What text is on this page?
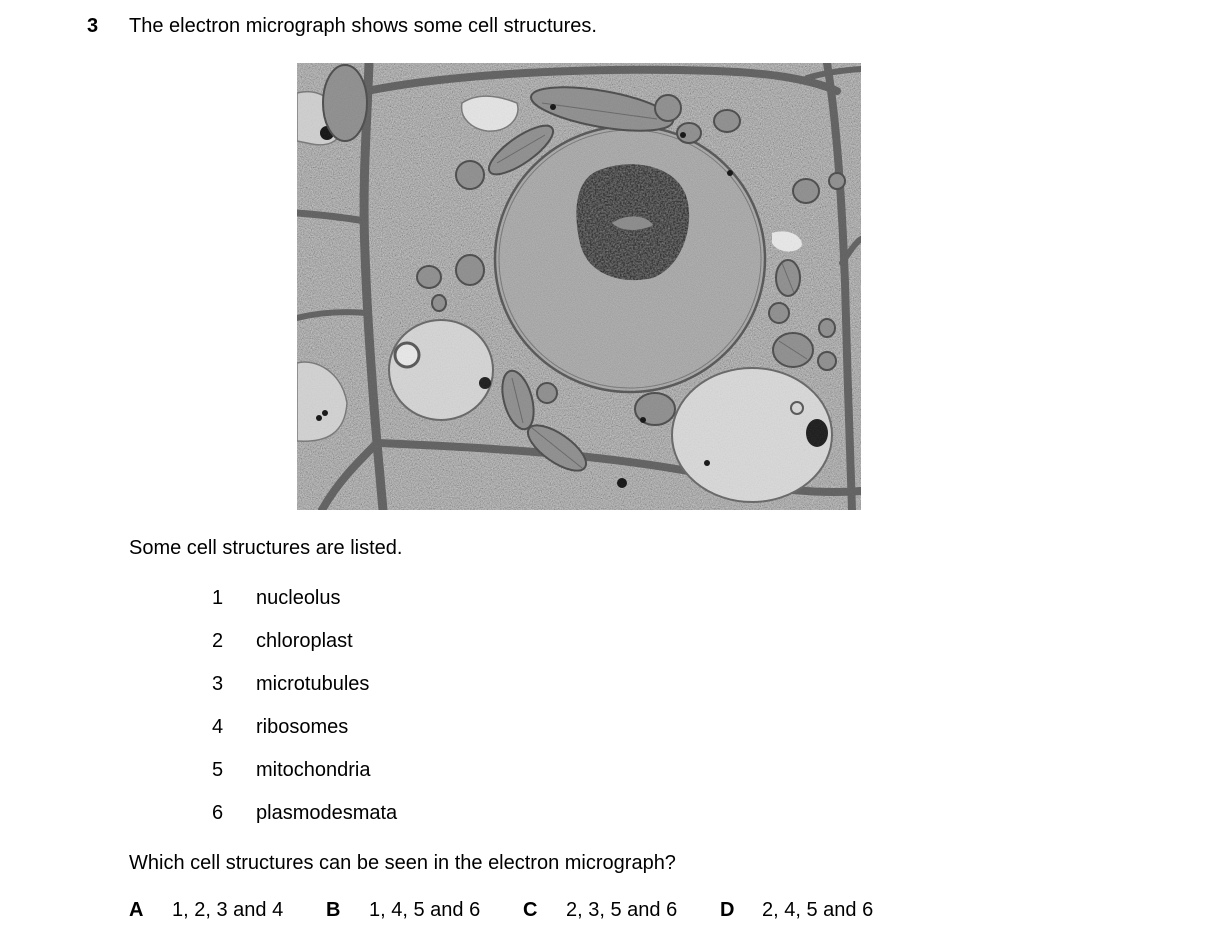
3 The electron micrograph shows some cell structures.
Some cell structures are listed.
1 nucleolus
2 chloroplast
3 microtubules
4 ribosomes
5 mitochondria
6 plasmodesmata
Which cell structures can be seen in the electron micrograph?
A 1, 2, 3 and 4 B 1, 4, 5 and 6 C 2, 3, 5 and 6 D 2, 4, 5 and 6
